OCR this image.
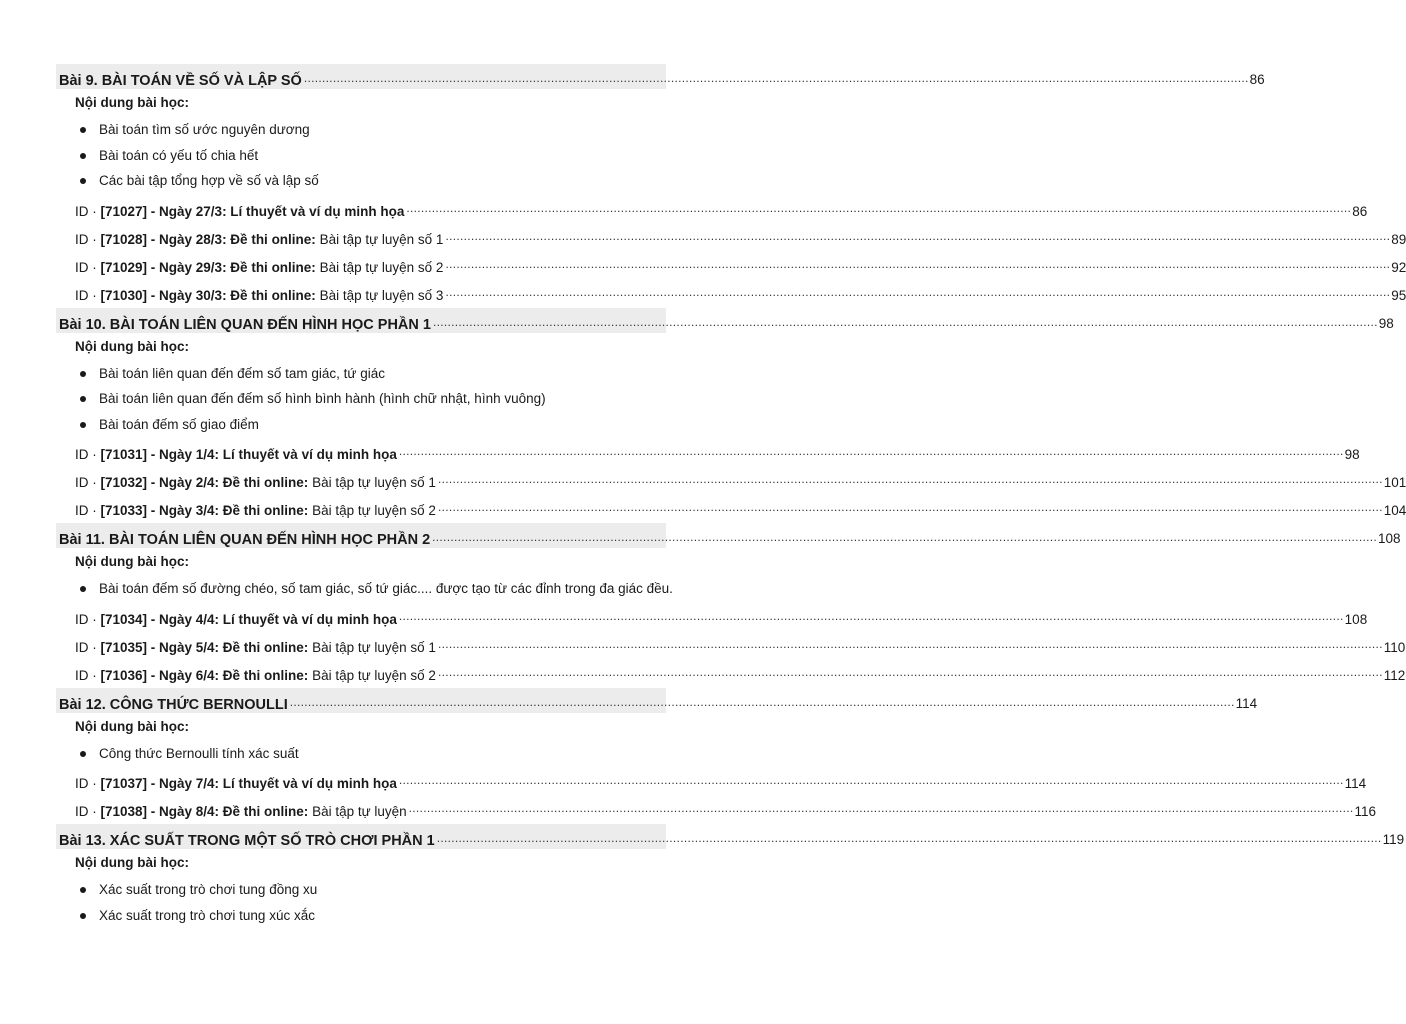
Bài 9. BÀI TOÁN VỀ SỐ VÀ LẬP SỐ .................................................................................................................................................................................................................................................................... 86
Nội dung bài học:
Bài toán tìm số ước nguyên dương
Bài toán có yếu tố chia hết
Các bài tập tổng hợp về số và lập số
ID · [71027] - Ngày 27/3: Lí thuyết và ví dụ minh họa .................................................................................................................................................................................................................................................................... 86
ID · [71028] - Ngày 28/3: Đề thi online: Bài tập tự luyện số 1 .................................................................................................................................................................................................................................................................... 89
ID · [71029] - Ngày 29/3: Đề thi online: Bài tập tự luyện số 2 .................................................................................................................................................................................................................................................................... 92
ID · [71030] - Ngày 30/3: Đề thi online: Bài tập tự luyện số 3 .................................................................................................................................................................................................................................................................... 95
Bài 10. BÀI TOÁN LIÊN QUAN ĐẾN HÌNH HỌC PHẦN 1 .................................................................................................................................................................................................................................................................... 98
Nội dung bài học:
Bài toán liên quan đến đếm số tam giác, tứ giác
Bài toán liên quan đến đếm số hình bình hành (hình chữ nhật, hình vuông)
Bài toán đếm số giao điểm
ID · [71031] - Ngày 1/4: Lí thuyết và ví dụ minh họa .................................................................................................................................................................................................................................................................... 98
ID · [71032] - Ngày 2/4: Đề thi online: Bài tập tự luyện số 1 .................................................................................................................................................................................................................................................................... 101
ID · [71033] - Ngày 3/4: Đề thi online: Bài tập tự luyện số 2 .................................................................................................................................................................................................................................................................... 104
Bài 11. BÀI TOÁN LIÊN QUAN ĐẾN HÌNH HỌC PHẦN 2 .................................................................................................................................................................................................................................................................... 108
Nội dung bài học:
Bài toán đếm số đường chéo, số tam giác, số tứ giác.... được tạo từ các đỉnh trong đa giác đều.
ID · [71034] - Ngày 4/4: Lí thuyết và ví dụ minh họa .................................................................................................................................................................................................................................................................... 108
ID · [71035] - Ngày 5/4: Đề thi online: Bài tập tự luyện số 1 .................................................................................................................................................................................................................................................................... 110
ID · [71036] - Ngày 6/4: Đề thi online: Bài tập tự luyện số 2 .................................................................................................................................................................................................................................................................... 112
Bài 12. CÔNG THỨC BERNOULLI .................................................................................................................................................................................................................................................................... 114
Nội dung bài học:
Công thức Bernoulli tính xác suất
ID · [71037] - Ngày 7/4: Lí thuyết và ví dụ minh họa .................................................................................................................................................................................................................................................................... 114
ID · [71038] - Ngày 8/4: Đề thi online: Bài tập tự luyện .................................................................................................................................................................................................................................................................... 116
Bài 13. XÁC SUẤT TRONG MỘT SỐ TRÒ CHƠI PHẦN 1 .................................................................................................................................................................................................................................................................... 119
Nội dung bài học:
Xác suất trong trò chơi tung đồng xu
Xác suất trong trò chơi tung xúc xắc
